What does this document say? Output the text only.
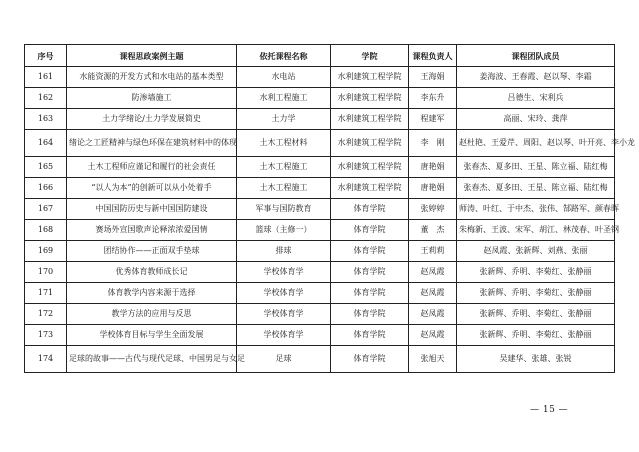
序号	课程思政案例主题	依托课程名称	学院	课程负责人	课程团队成员
161	水能资源的开发方式和水电站的基本类型	水电站	水利建筑工程学院	王海娟	姜海波、王春霞、赵以琴、李霜
162	防渗墙施工	水利工程施工	水利建筑工程学院	李东升	吕德生、宋利兵
163	土力学绪论/土力学发展简史	土力学	水利建筑工程学院	程建军	高丽、宋玲、龚萍
164	绪论之工匠精神与绿色环保在建筑材料中的体现	土木工程材料	水利建筑工程学院	李　刚	赵杜艳、王爱芹、周阳、赵以琴、叶开亮、李小龙
165	土木工程师应谨记和履行的社会责任	土木工程施工	水利建筑工程学院	唐艳娟	张春杰、夏多田、王星、陈立福、陆红梅
166	“以人为本”的创新可以从小处着手	土木工程施工	水利建筑工程学院	唐艳娟	张春杰、夏多田、王星、陈立福、陆红梅
167	中国国防历史与新中国国防建设	军事与国防教育	体育学院	张婷婷	师涛、叶红、于中杰、张伟、郜路军、颜春晖
168	赛场外宣国歌声论释浓浓爱国情	篮球（主修一）	体育学院	董　杰	朱梅新、王波、宋军、胡江、林茂春、叶圣钢
169	团结协作——正面双手垫球	排球	体育学院	王莉莉	赵凤霞、张新辉、刘燕、张丽
170	优秀体育教师成长记	学校体育学	体育学院	赵凤霞	张新辉、乔明、李菊红、张静丽
171	体育教学内容来源于选择	学校体育学	体育学院	赵凤霞	张新辉、乔明、李菊红、张静丽
172	教学方法的应用与反思	学校体育学	体育学院	赵凤霞	张新辉、乔明、李菊红、张静丽
173	学校体育目标与学生全面发展	学校体育学	体育学院	赵凤霞	张新辉、乔明、李菊红、张静丽
174	足球的故事——古代与现代足球、中国男足与女足	足球	体育学院	张旭天	吴建华、张雄、张锐
— 15 —
